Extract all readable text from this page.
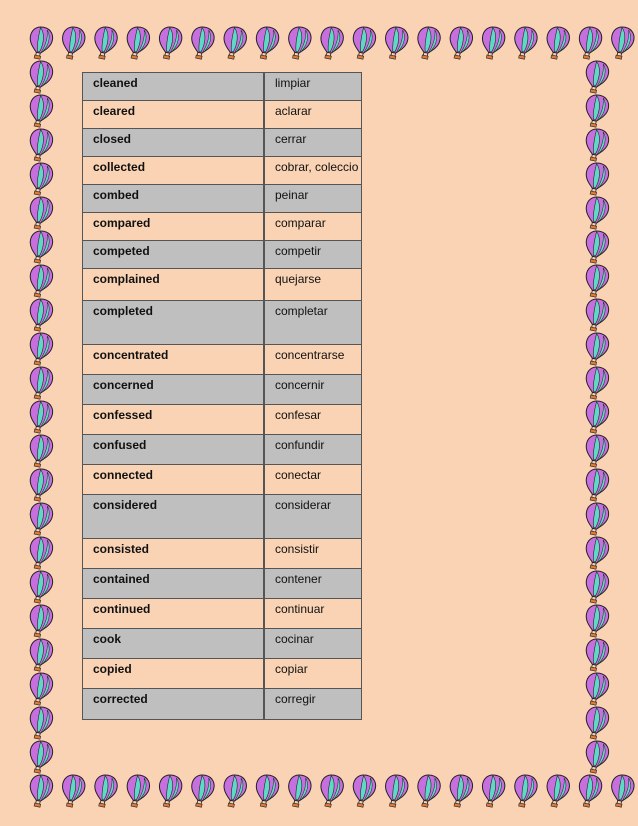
cleaned	limpiar
cleared	aclarar
closed	cerrar
collected	cobrar, coleccio
combed	peinar
compared	comparar
competed	competir
complained	quejarse
completed	completar
concentrated	concentrarse
concerned	concernir
confessed	confesar
confused	confundir
connected	conectar
considered	considerar
consisted	consistir
contained	contener
continued	continuar
cook	cocinar
copied	copiar
corrected	corregir
